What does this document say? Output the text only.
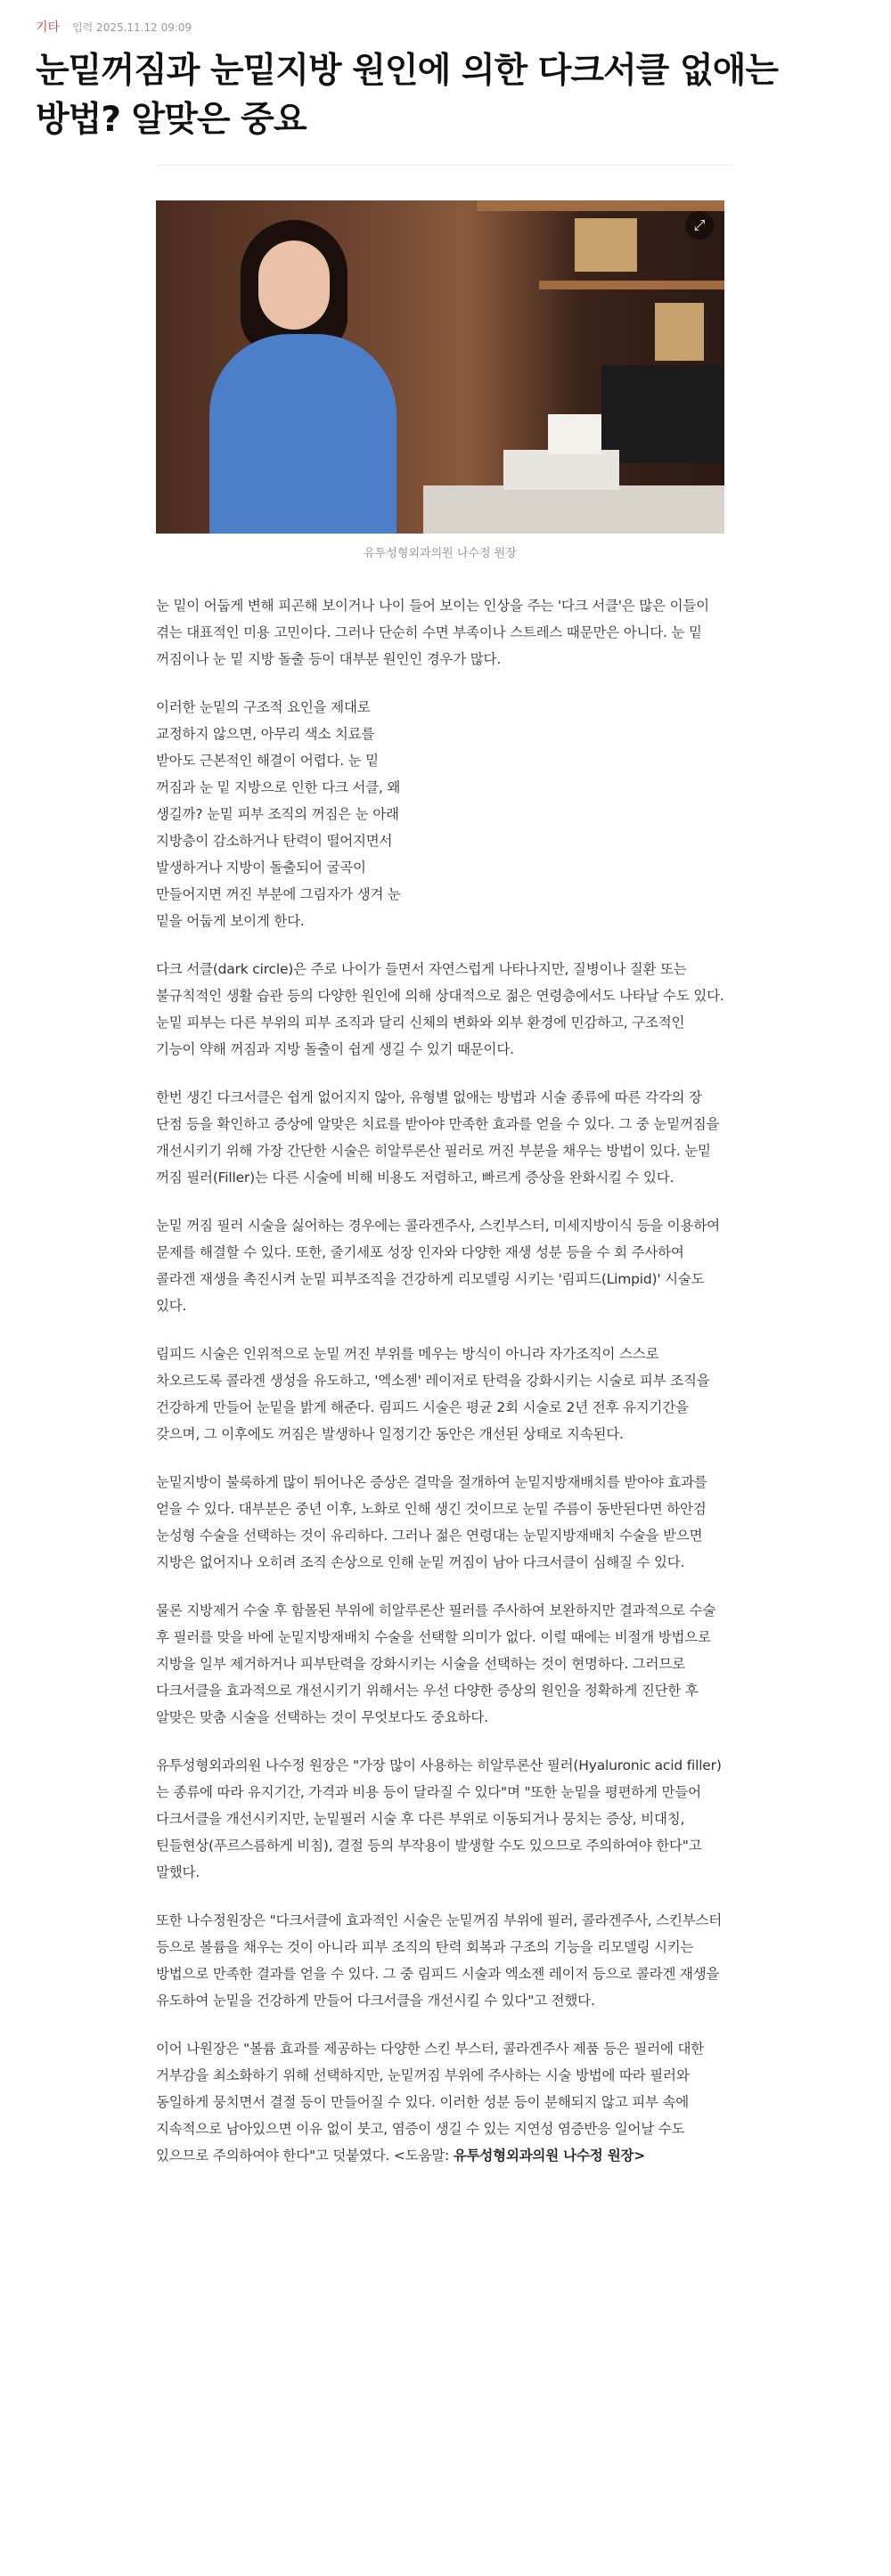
기타 입력 2025.11.12 09:09
눈밑꺼짐과 눈밑지방 원인에 의한 다크서클 없애는 방법? 알맞은 중요
⤢
유투성형외과의원 나수정 원장

눈 밑이 어둡게 변해 피곤해 보이거나 나이 들어 보이는 인상을 주는 '다크 서클'은 많은 이들이 겪는 대표적인 미용 고민이다. 그러나 단순히 수면 부족이나 스트레스 때문만은 아니다. 눈 밑 꺼짐이나 눈 밑 지방 돌출 등이 대부분 원인인 경우가 많다.

이러한 눈밑의 구조적 요인을 제대로 교정하지 않으면, 아무리 색소 치료를 받아도 근본적인 해결이 어렵다. 눈 밑 꺼짐과 눈 밑 지방으로 인한 다크 서클, 왜 생길까? 눈밑 피부 조직의 꺼짐은 눈 아래 지방층이 감소하거나 탄력이 떨어지면서 발생하거나 지방이 돌출되어 굴곡이 만들어지면 꺼진 부분에 그림자가 생겨 눈 밑을 어둡게 보이게 한다.

다크 서클(dark circle)은 주로 나이가 들면서 자연스럽게 나타나지만, 질병이나 질환 또는 불규칙적인 생활 습관 등의 다양한 원인에 의해 상대적으로 젊은 연령층에서도 나타날 수도 있다. 눈밑 피부는 다른 부위의 피부 조직과 달리 신체의 변화와 외부 환경에 민감하고, 구조적인 기능이 약해 꺼짐과 지방 돌출이 쉽게 생길 수 있기 때문이다.

한번 생긴 다크서클은 쉽게 없어지지 않아, 유형별 없애는 방법과 시술 종류에 따른 각각의 장 단점 등을 확인하고 증상에 알맞은 치료를 받아야 만족한 효과를 얻을 수 있다. 그 중 눈밑꺼짐을 개선시키기 위해 가장 간단한 시술은 히알루론산 필러로 꺼진 부분을 채우는 방법이 있다. 눈밑 꺼짐 필러(Filler)는 다른 시술에 비해 비용도 저렴하고, 빠르게 증상을 완화시킬 수 있다.

눈밑 꺼짐 필러 시술을 싫어하는 경우에는 콜라겐주사, 스킨부스터, 미세지방이식 등을 이용하여 문제를 해결할 수 있다. 또한, 줄기세포 성장 인자와 다양한 재생 성분 등을 수 회 주사하여 콜라겐 재생을 촉진시켜 눈밑 피부조직을 건강하게 리모델링 시키는 '림피드(Limpid)' 시술도 있다.

림피드 시술은 인위적으로 눈밑 꺼진 부위를 메우는 방식이 아니라 자가조직이 스스로 차오르도록 콜라겐 생성을 유도하고, '엑소젠' 레이저로 탄력을 강화시키는 시술로 피부 조직을 건강하게 만들어 눈밑을 밝게 해준다. 림피드 시술은 평균 2회 시술로 2년 전후 유지기간을 갖으며, 그 이후에도 꺼짐은 발생하나 일정기간 동안은 개선된 상태로 지속된다.

눈밑지방이 불룩하게 많이 튀어나온 증상은 결막을 절개하여 눈밑지방재배치를 받아야 효과를 얻을 수 있다. 대부분은 중년 이후, 노화로 인해 생긴 것이므로 눈밑 주름이 동반된다면 하안검 눈성형 수술을 선택하는 것이 유리하다. 그러나 젊은 연령대는 눈밑지방재배치 수술을 받으면 지방은 없어지나 오히려 조직 손상으로 인해 눈밑 꺼짐이 남아 다크서클이 심해질 수 있다.

물론 지방제거 수술 후 함몰된 부위에 히알루론산 필러를 주사하여 보완하지만 결과적으로 수술 후 필러를 맞을 바에 눈밑지방재배치 수술을 선택할 의미가 없다. 이럴 때에는 비절개 방법으로 지방을 일부 제거하거나 피부탄력을 강화시키는 시술을 선택하는 것이 현명하다. 그러므로 다크서클을 효과적으로 개선시키기 위해서는 우선 다양한 증상의 원인을 정확하게 진단한 후 알맞은 맞춤 시술을 선택하는 것이 무엇보다도 중요하다.

유투성형외과의원 나수정 원장은 "가장 많이 사용하는 히알루론산 필러(Hyaluronic acid filler)는 종류에 따라 유지기간, 가격과 비용 등이 달라질 수 있다"며 "또한 눈밑을 평편하게 만들어 다크서클을 개선시키지만, 눈밑필러 시술 후 다른 부위로 이동되거나 뭉치는 증상, 비대칭, 틴들현상(푸르스름하게 비침), 결절 등의 부작용이 발생할 수도 있으므로 주의하여야 한다"고 말했다.

또한 나수정원장은 "다크서클에 효과적인 시술은 눈밑꺼짐 부위에 필러, 콜라겐주사, 스킨부스터 등으로 볼륨을 채우는 것이 아니라 피부 조직의 탄력 회복과 구조의 기능을 리모델링 시키는 방법으로 만족한 결과를 얻을 수 있다. 그 중 림피드 시술과 엑소젠 레이저 등으로 콜라겐 재생을 유도하여 눈밑을 건강하게 만들어 다크서클을 개선시킬 수 있다"고 전했다.

이어 나원장은 "볼륨 효과를 제공하는 다양한 스킨 부스터, 콜라겐주사 제품 등은 필러에 대한 거부감을 최소화하기 위해 선택하지만, 눈밑꺼짐 부위에 주사하는 시술 방법에 따라 필러와 동일하게 뭉치면서 결절 등이 만들어질 수 있다. 이러한 성분 등이 분해되지 않고 피부 속에 지속적으로 남아있으면 이유 없이 붓고, 염증이 생길 수 있는 지연성 염증반응 일어날 수도 있으므로 주의하여야 한다"고 덧붙였다. <도움말: 유투성형외과의원 나수정 원장>
